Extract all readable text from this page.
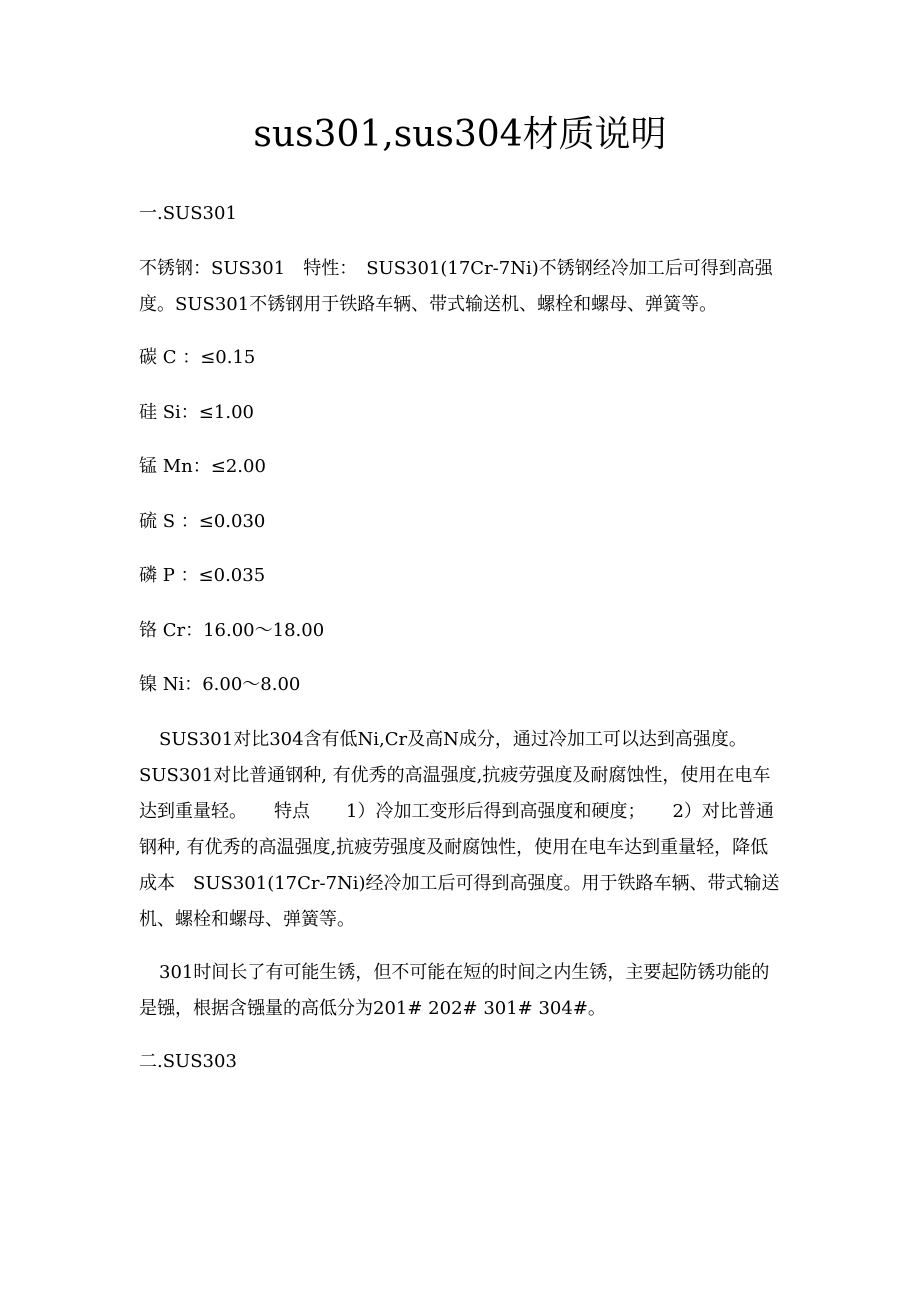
sus301,sus304材质说明

一.SUS301

不锈钢：SUS301　特性：　SUS301(17Cr-7Ni)不锈钢经冷加工后可得到高强度。SUS301不锈钢用于铁路车辆、带式输送机、螺栓和螺母、弹簧等。

碳 C ：≤0.15

硅 Si：≤1.00

锰 Mn：≤2.00

硫 S ：≤0.030

磷 P ：≤0.035

铬 Cr：16.00～18.00

镍 Ni：6.00～8.00

SUS301对比304含有低Ni,Cr及高N成分，通过冷加工可以达到高强度。　　SUS301对比普通钢种, 有优秀的高温强度,抗疲劳强度及耐腐蚀性，使用在电车达到重量轻。　　特点　　1）冷加工变形后得到高强度和硬度；　　2）对比普通钢种, 有优秀的高温强度,抗疲劳强度及耐腐蚀性，使用在电车达到重量轻，降低成本　SUS301(17Cr-7Ni)经冷加工后可得到高强度。用于铁路车辆、带式输送机、螺栓和螺母、弹簧等。

301时间长了有可能生锈，但不可能在短的时间之内生锈，主要起防锈功能的是镪，根据含镪量的高低分为201# 202# 301# 304#。

二.SUS303
